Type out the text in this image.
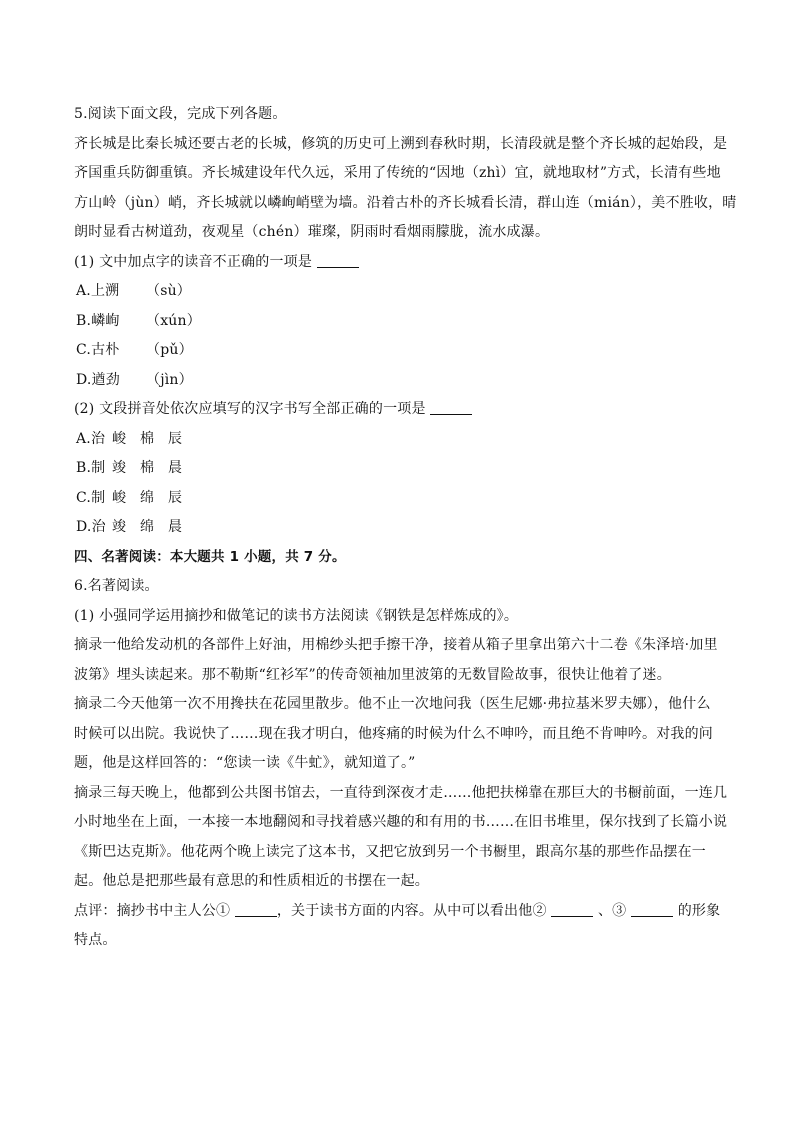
5.阅读下面文段，完成下列各题。
齐长城是比秦长城还要古老的长城，修筑的历史可上溯到春秋时期，长清段就是整个齐长城的起始段，是
齐国重兵防御重镇。齐长城建设年代久远，采用了传统的“因地（zhì）宜，就地取材”方式，长清有些地
方山岭（jùn）峭，齐长城就以嶙峋峭壁为墙。沿着古朴的齐长城看长清，群山连（mián），美不胜收，晴
朗时显看古树道劲，夜观星（chén）璀璨，阴雨时看烟雨朦胧，流水成瀑。
(1) 文中加点字的读音不正确的一项是
A.上溯 （sù）
B.嶙峋 （xún）
C.古朴 （pǔ）
D.遒劲 （jìn）
(2) 文段拼音处依次应填写的汉字书写全部正确的一项是
A.治 峻 棉 辰
B.制 竣 棉 晨
C.制 峻 绵 辰
D.治 竣 绵 晨
四、名著阅读：本大题共 1 小题，共 7 分。
6.名著阅读。
(1) 小强同学运用摘抄和做笔记的读书方法阅读《钢铁是怎样炼成的》。
摘录一他给发动机的各部件上好油，用棉纱头把手擦干净，接着从箱子里拿出第六十二卷《朱泽培·加里
波第》埋头读起来。那不勒斯“红衫军”的传奇领袖加里波第的无数冒险故事，很快让他着了迷。
摘录二今天他第一次不用搀扶在花园里散步。他不止一次地问我（医生尼娜·弗拉基米罗夫娜），他什么
时候可以出院。我说快了……现在我才明白，他疼痛的时候为什么不呻吟，而且绝不肯呻吟。对我的问
题，他是这样回答的：“您读一读《牛虻》，就知道了。”
摘录三每天晚上，他都到公共图书馆去，一直待到深夜才走……他把扶梯靠在那巨大的书橱前面，一连几
小时地坐在上面，一本接一本地翻阅和寻找着感兴趣的和有用的书……在旧书堆里，保尔找到了长篇小说
《斯巴达克斯》。他花两个晚上读完了这本书，又把它放到另一个书橱里，跟高尔基的那些作品摆在一
起。他总是把那些最有意思的和性质相近的书摆在一起。
点评：摘抄书中主人公①	，关于读书方面的内容。从中可以看出他②	、③	的形象
特点。
